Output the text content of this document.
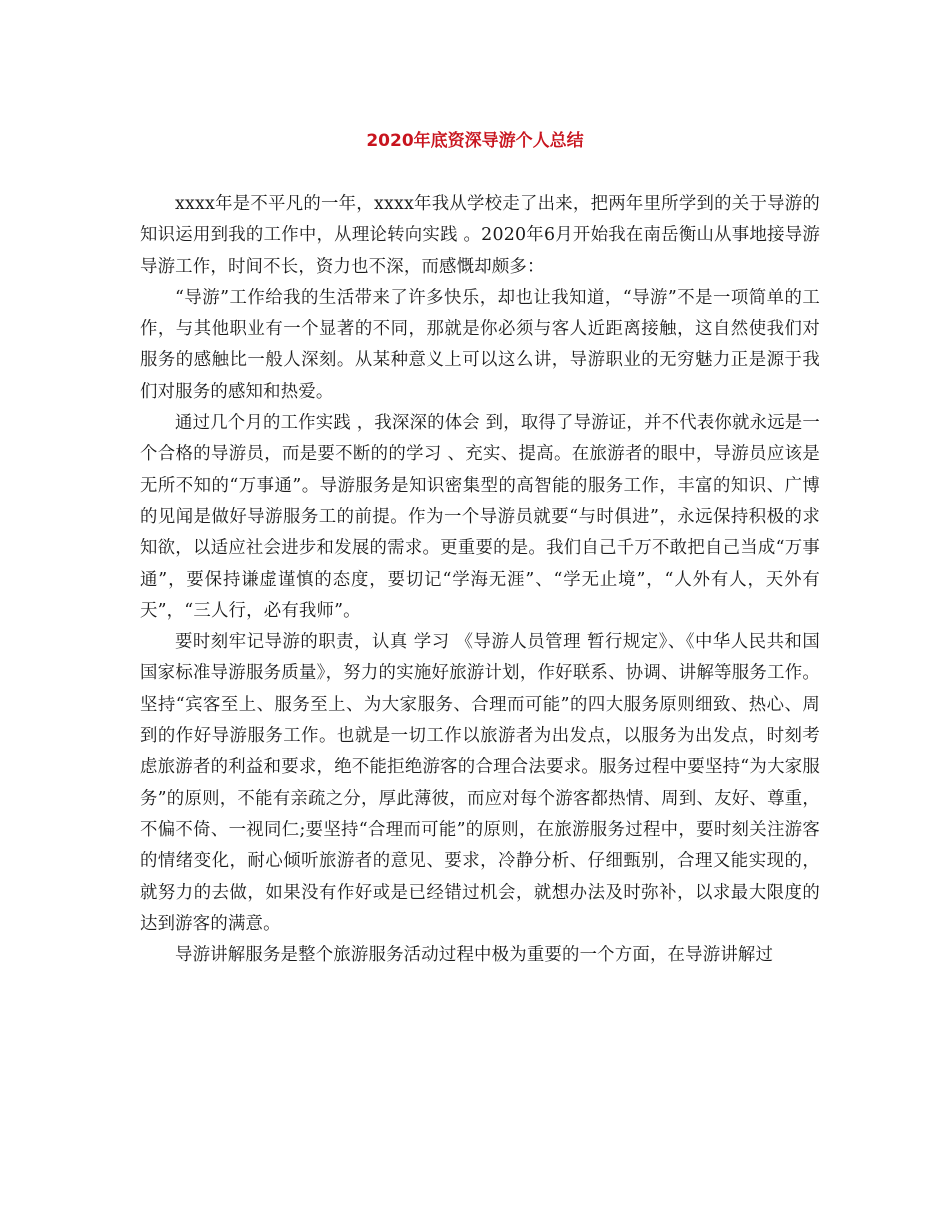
2020年底资深导游个人总结

xxxx年是不平凡的一年，xxxx年我从学校走了出来，把两年里所学到的关于导游的知识运用到我的工作中，从理论转向实践 。2020年6月开始我在南岳衡山从事地接导游导游工作，时间不长，资力也不深，而感慨却颇多：

“导游”工作给我的生活带来了许多快乐，却也让我知道，“导游”不是一项简单的工作，与其他职业有一个显著的不同，那就是你必须与客人近距离接触，这自然使我们对服务的感触比一般人深刻。从某种意义上可以这么讲，导游职业的无穷魅力正是源于我们对服务的感知和热爱。

通过几个月的工作实践 ，我深深的体会 到，取得了导游证，并不代表你就永远是一个合格的导游员，而是要不断的的学习 、充实、提高。在旅游者的眼中，导游员应该是无所不知的“万事通”。导游服务是知识密集型的高智能的服务工作，丰富的知识、广博的见闻是做好导游服务工的前提。作为一个导游员就要“与时俱进”，永远保持积极的求知欲，以适应社会进步和发展的需求。更重要的是。我们自己千万不敢把自己当成“万事通”，要保持谦虚谨慎的态度，要切记“学海无涯”、“学无止境”，“人外有人，天外有天”，“三人行，必有我师”。

要时刻牢记导游的职责，认真 学习 《导游人员管理 暂行规定》、《中华人民共和国国家标准导游服务质量》，努力的实施好旅游计划，作好联系、协调、讲解等服务工作。坚持“宾客至上、服务至上、为大家服务、合理而可能”的四大服务原则细致、热心、周到的作好导游服务工作。也就是一切工作以旅游者为出发点，以服务为出发点，时刻考虑旅游者的利益和要求，绝不能拒绝游客的合理合法要求。服务过程中要坚持“为大家服务”的原则，不能有亲疏之分，厚此薄彼，而应对每个游客都热情、周到、友好、尊重，不偏不倚、一视同仁;要坚持“合理而可能”的原则，在旅游服务过程中，要时刻关注游客的情绪变化，耐心倾听旅游者的意见、要求，冷静分析、仔细甄别，合理又能实现的，就努力的去做，如果没有作好或是已经错过机会，就想办法及时弥补，以求最大限度的达到游客的满意。

导游讲解服务是整个旅游服务活动过程中极为重要的一个方面，在导游讲解过
